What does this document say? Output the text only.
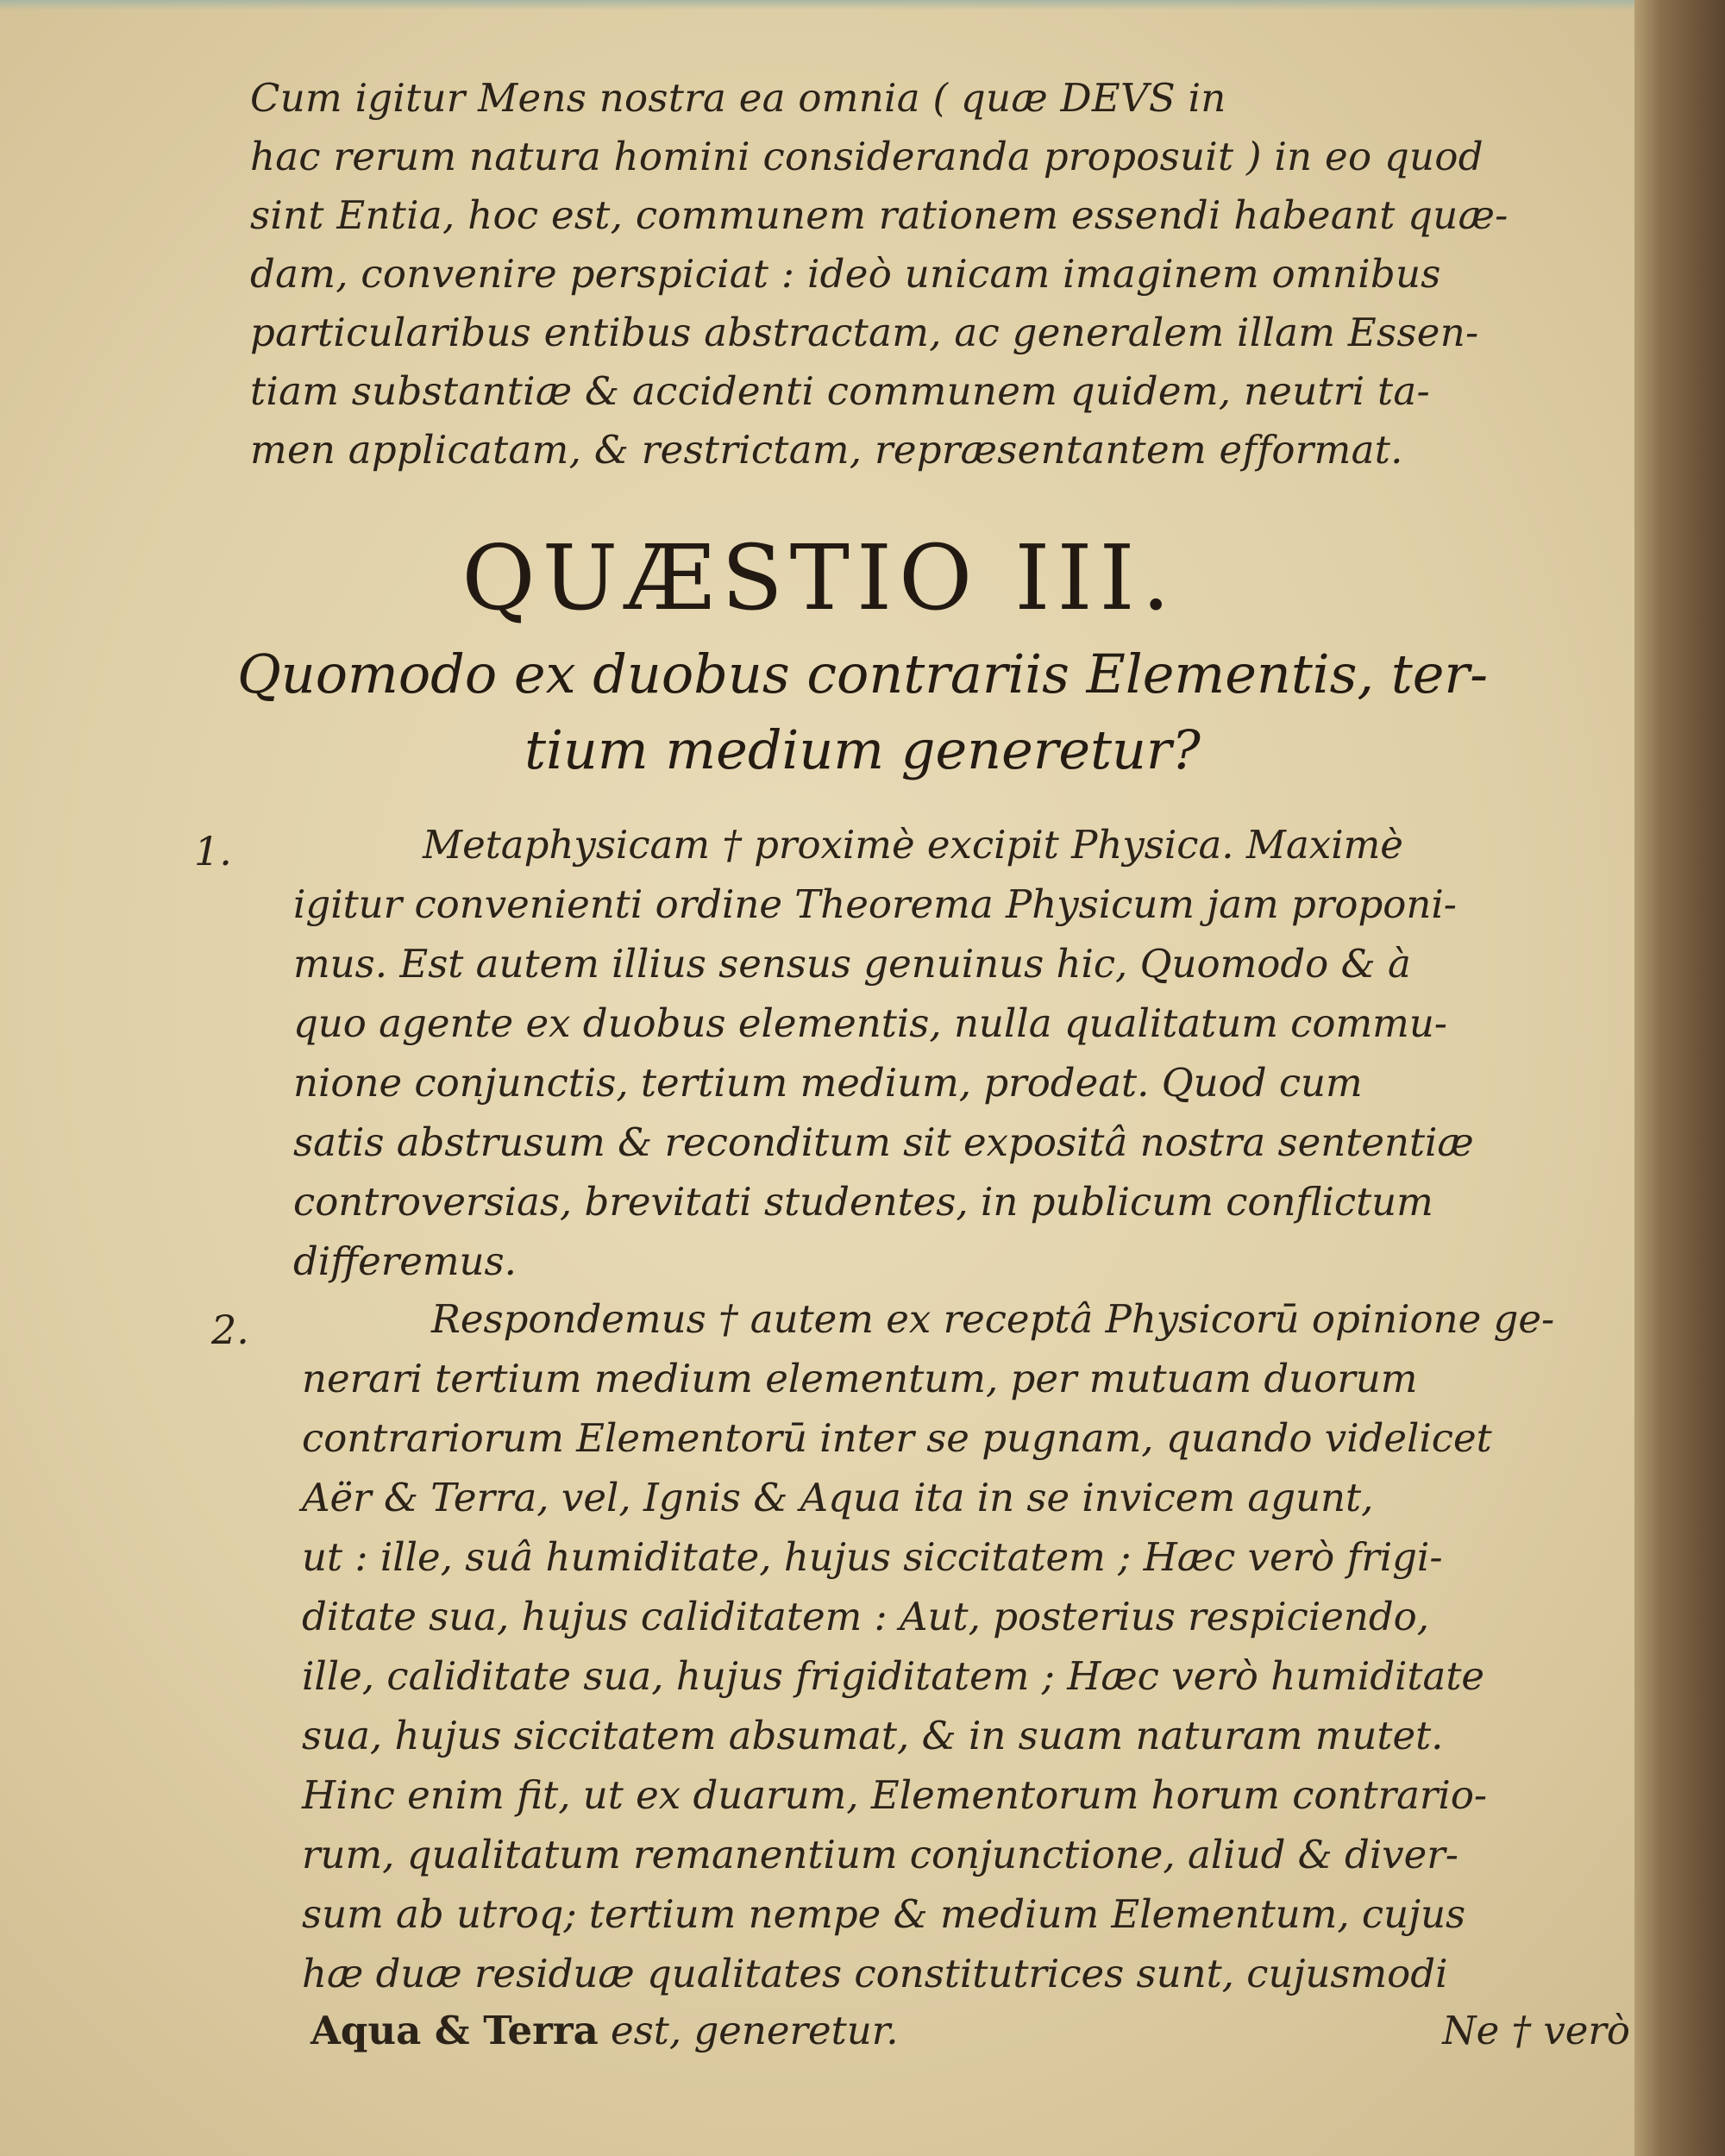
Cum igitur Mens nostra ea omnia ( quæ DEVS in
hac rerum natura homini consideranda proposuit ) in eo quod
sint Entia, hoc est, communem rationem essendi habeant quæ-
dam, convenire perspiciat : ideò unicam imaginem omnibus
particularibus entibus abstractam, ac generalem illam Essen-
tiam substantiæ & accidenti communem quidem, neutri ta-
men applicatam, & restrictam, repræsentantem efformat.
QUÆSTIO III.
Quomodo ex duobus contrariis Elementis, ter-
tium medium generetur?
1.	Metaphysicam † proximè excipit Physica. Maximè
igitur convenienti ordine Theorema Physicum jam proponi-
mus. Est autem illius sensus genuinus hic, Quomodo & à
quo agente ex duobus elementis, nulla qualitatum commu-
nione conjunctis, tertium medium, prodeat. Quod cum
satis abstrusum & reconditum sit expositâ nostra sententiæ
controversias, brevitati studentes, in publicum conflictum
differemus.
2.	Respondemus † autem ex receptâ Physicorū opinione ge-
nerari tertium medium elementum, per mutuam duorum
contrariorum Elementorū inter se pugnam, quando videlicet
Aër & Terra, vel, Ignis & Aqua ita in se invicem agunt,
ut : ille, suâ humiditate, hujus siccitatem ; Hæc verò frigi-
ditate sua, hujus caliditatem : Aut, posterius respiciendo,
ille, caliditate sua, hujus frigiditatem ; Hæc verò humiditate
sua, hujus siccitatem absumat, & in suam naturam mutet.
Hinc enim fit, ut ex duarum, Elementorum horum contrario-
rum, qualitatum remanentium conjunctione, aliud & diver-
sum ab utroq; tertium nempe & medium Elementum, cujus
hæ duæ residuæ qualitates constitutrices sunt, cujusmodi
Aqua & Terra est, generetur.	Ne † verò
